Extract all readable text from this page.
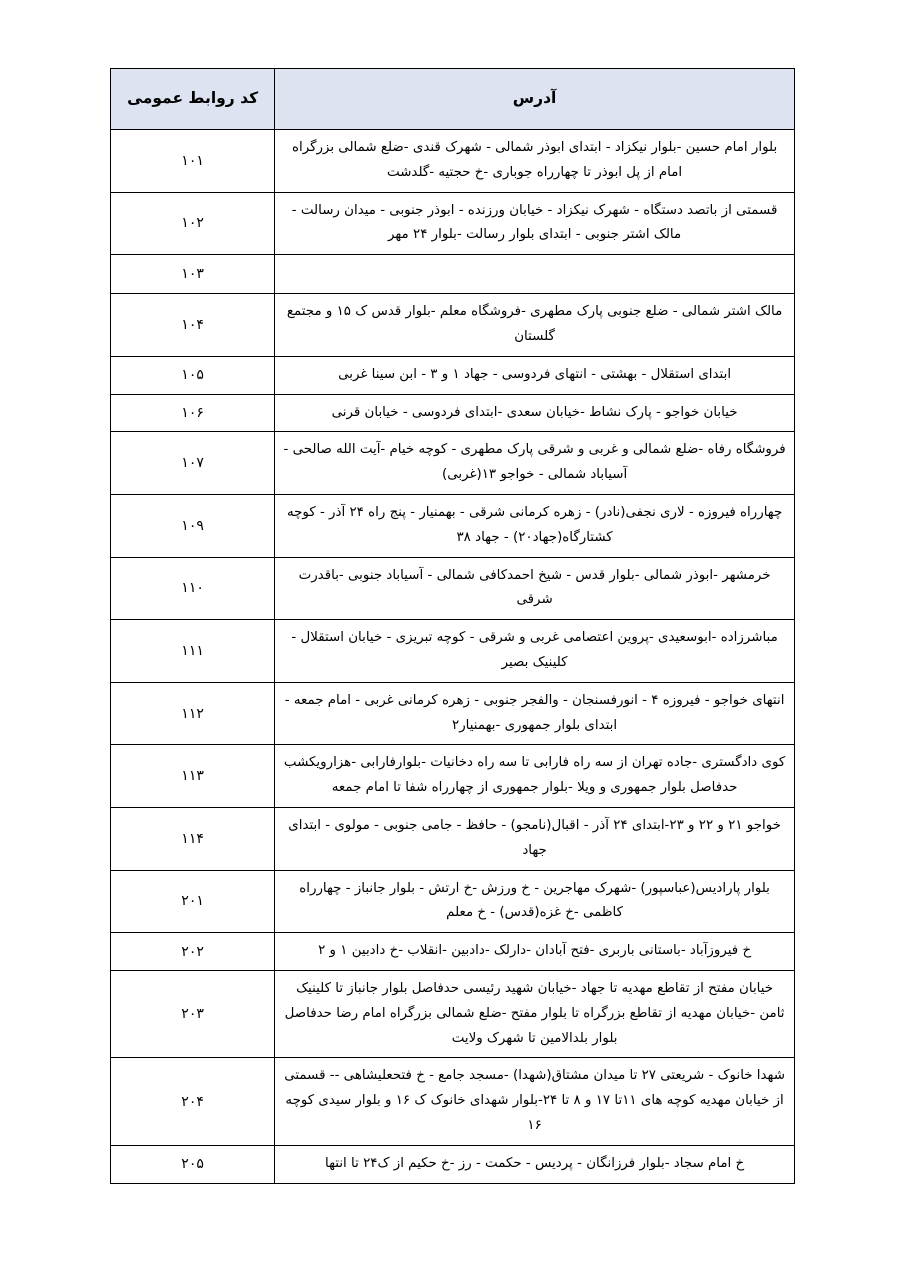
آدرس	کد روابط عمومی
بلوار امام حسین -بلوار نیکزاد - ابتدای ابوذر شمالی - شهرک قندی -ضلع شمالی بزرگراه امام از پل ابوذر تا چهارراه جوباری -خ حجتیه -گلدشت	۱۰۱
قسمتی از باتصد دستگاه - شهرک نیکزاد - خیابان ورزنده - ابوذر جنوبی - میدان رسالت - مالک اشتر جنوبی - ابتدای بلوار رسالت -بلوار ۲۴ مهر	۱۰۲
	۱۰۳
مالک اشتر شمالی - ضلع جنوبی پارک مطهری -فروشگاه معلم -بلوار قدس ک ۱۵ و مجتمع گلستان	۱۰۴
ابتدای استقلال - بهشتی - انتهای فردوسی - جهاد ۱ و ۳ - ابن سینا غربی	۱۰۵
خیابان خواجو - پارک نشاط -خیابان سعدی -ابتدای فردوسی - خیابان قرنی	۱۰۶
فروشگاه رفاه -ضلع شمالی و غربی و شرقی پارک مطهری - کوچه خیام -آیت الله صالحی - آسیاباد شمالی - خواجو ۱۳(غربی)	۱۰۷
چهارراه فیروزه - لاری نجفی(نادر) - زهره کرمانی شرقی - بهمنیار - پنج راه ۲۴ آذر - کوچه کشتارگاه(جهاد۲۰) - جهاد ۳۸	۱۰۹
خرمشهر -ابوذر شمالی -بلوار قدس - شیخ احمدکافی شمالی - آسیاباد جنوبی -باقدرت شرقی	۱۱۰
مباشرزاده -ابوسعیدی -پروین اعتصامی غربی و شرقی - کوچه تبریزی - خیابان استقلال - کلینیک بصیر	۱۱۱
انتهای خواجو - فیروزه ۴ - انورفسنجان - والفجر جنوبی - زهره کرمانی غربی - امام جمعه - ابتدای بلوار جمهوری -بهمنیار۲	۱۱۲
کوی دادگستری -جاده تهران از سه راه فارابی تا سه راه دخانیات -بلوارفارابی -هزارویکشب حدفاصل بلوار جمهوری و ویلا -بلوار جمهوری از چهارراه شفا تا امام جمعه	۱۱۳
خواجو ۲۱ و ۲۲ و ۲۳-ابتدای ۲۴ آذر - اقبال(نامجو) - حافظ - جامی جنوبی - مولوی - ابتدای جهاد	۱۱۴
بلوار پارادیس(عباسپور) -شهرک مهاجرین - خ ورزش -خ ارتش - بلوار جانباز - چهارراه کاظمی -خ غزه(قدس) - خ معلم	۲۰۱
خ فیروزآباد -باستانی باربری -فتح آبادان -دارلک -دادبین -انقلاب -خ دادبین ۱ و ۲	۲۰۲
خیابان مفتح از تقاطع مهدیه تا جهاد -خیابان شهید رئیسی حدفاصل بلوار جانباز تا کلینیک ثامن -خیابان مهدیه از تقاطع بزرگراه تا بلوار مفتح -ضلع شمالی بزرگراه امام رضا حدفاصل بلوار بلدالامین تا شهرک ولایت	۲۰۳
شهدا خانوک - شریعتی ۲۷ تا میدان مشتاق(شهدا) -مسجد جامع - خ فتحعلیشاهی -- قسمتی از خیابان مهدیه کوچه های ۱۱تا ۱۷ و ۸ تا ۲۴-بلوار شهدای خانوک ک ۱۶ و بلوار سیدی کوچه ۱۶	۲۰۴
خ امام سجاد -بلوار فرزانگان - پردیس - حکمت - رز -خ حکیم از ک۲۴ تا انتها	۲۰۵
